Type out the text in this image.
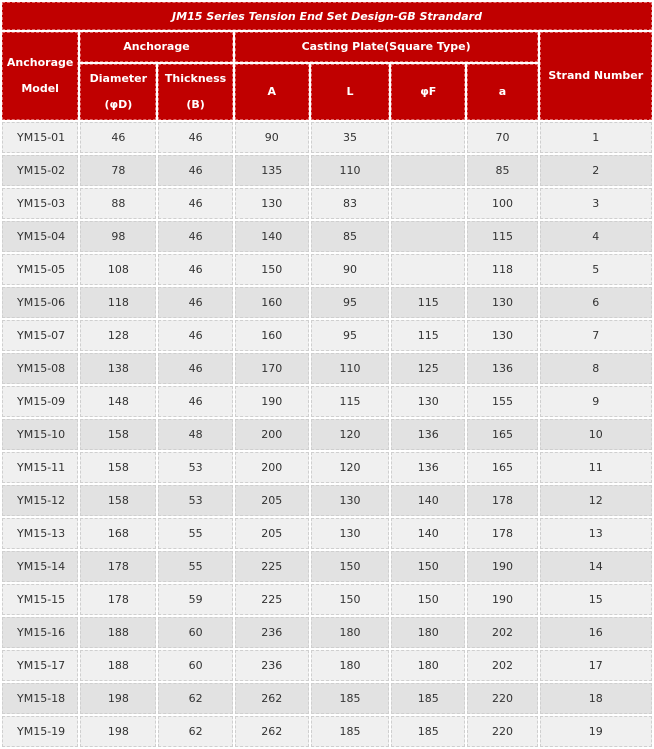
JM15 Series Tension End Set Design-GB Strandard							
Anchorage Model	Anchorage		Casting Plate(Square Type)				Strand Number
	Diameter (φD)	Thickness (B)	A	L	φF	a	
YM15-01	46	46	90	35		70	1
YM15-02	78	46	135	110		85	2
YM15-03	88	46	130	83		100	3
YM15-04	98	46	140	85		115	4
YM15-05	108	46	150	90		118	5
YM15-06	118	46	160	95	115	130	6
YM15-07	128	46	160	95	115	130	7
YM15-08	138	46	170	110	125	136	8
YM15-09	148	46	190	115	130	155	9
YM15-10	158	48	200	120	136	165	10
YM15-11	158	53	200	120	136	165	11
YM15-12	158	53	205	130	140	178	12
YM15-13	168	55	205	130	140	178	13
YM15-14	178	55	225	150	150	190	14
YM15-15	178	59	225	150	150	190	15
YM15-16	188	60	236	180	180	202	16
YM15-17	188	60	236	180	180	202	17
YM15-18	198	62	262	185	185	220	18
YM15-19	198	62	262	185	185	220	19
